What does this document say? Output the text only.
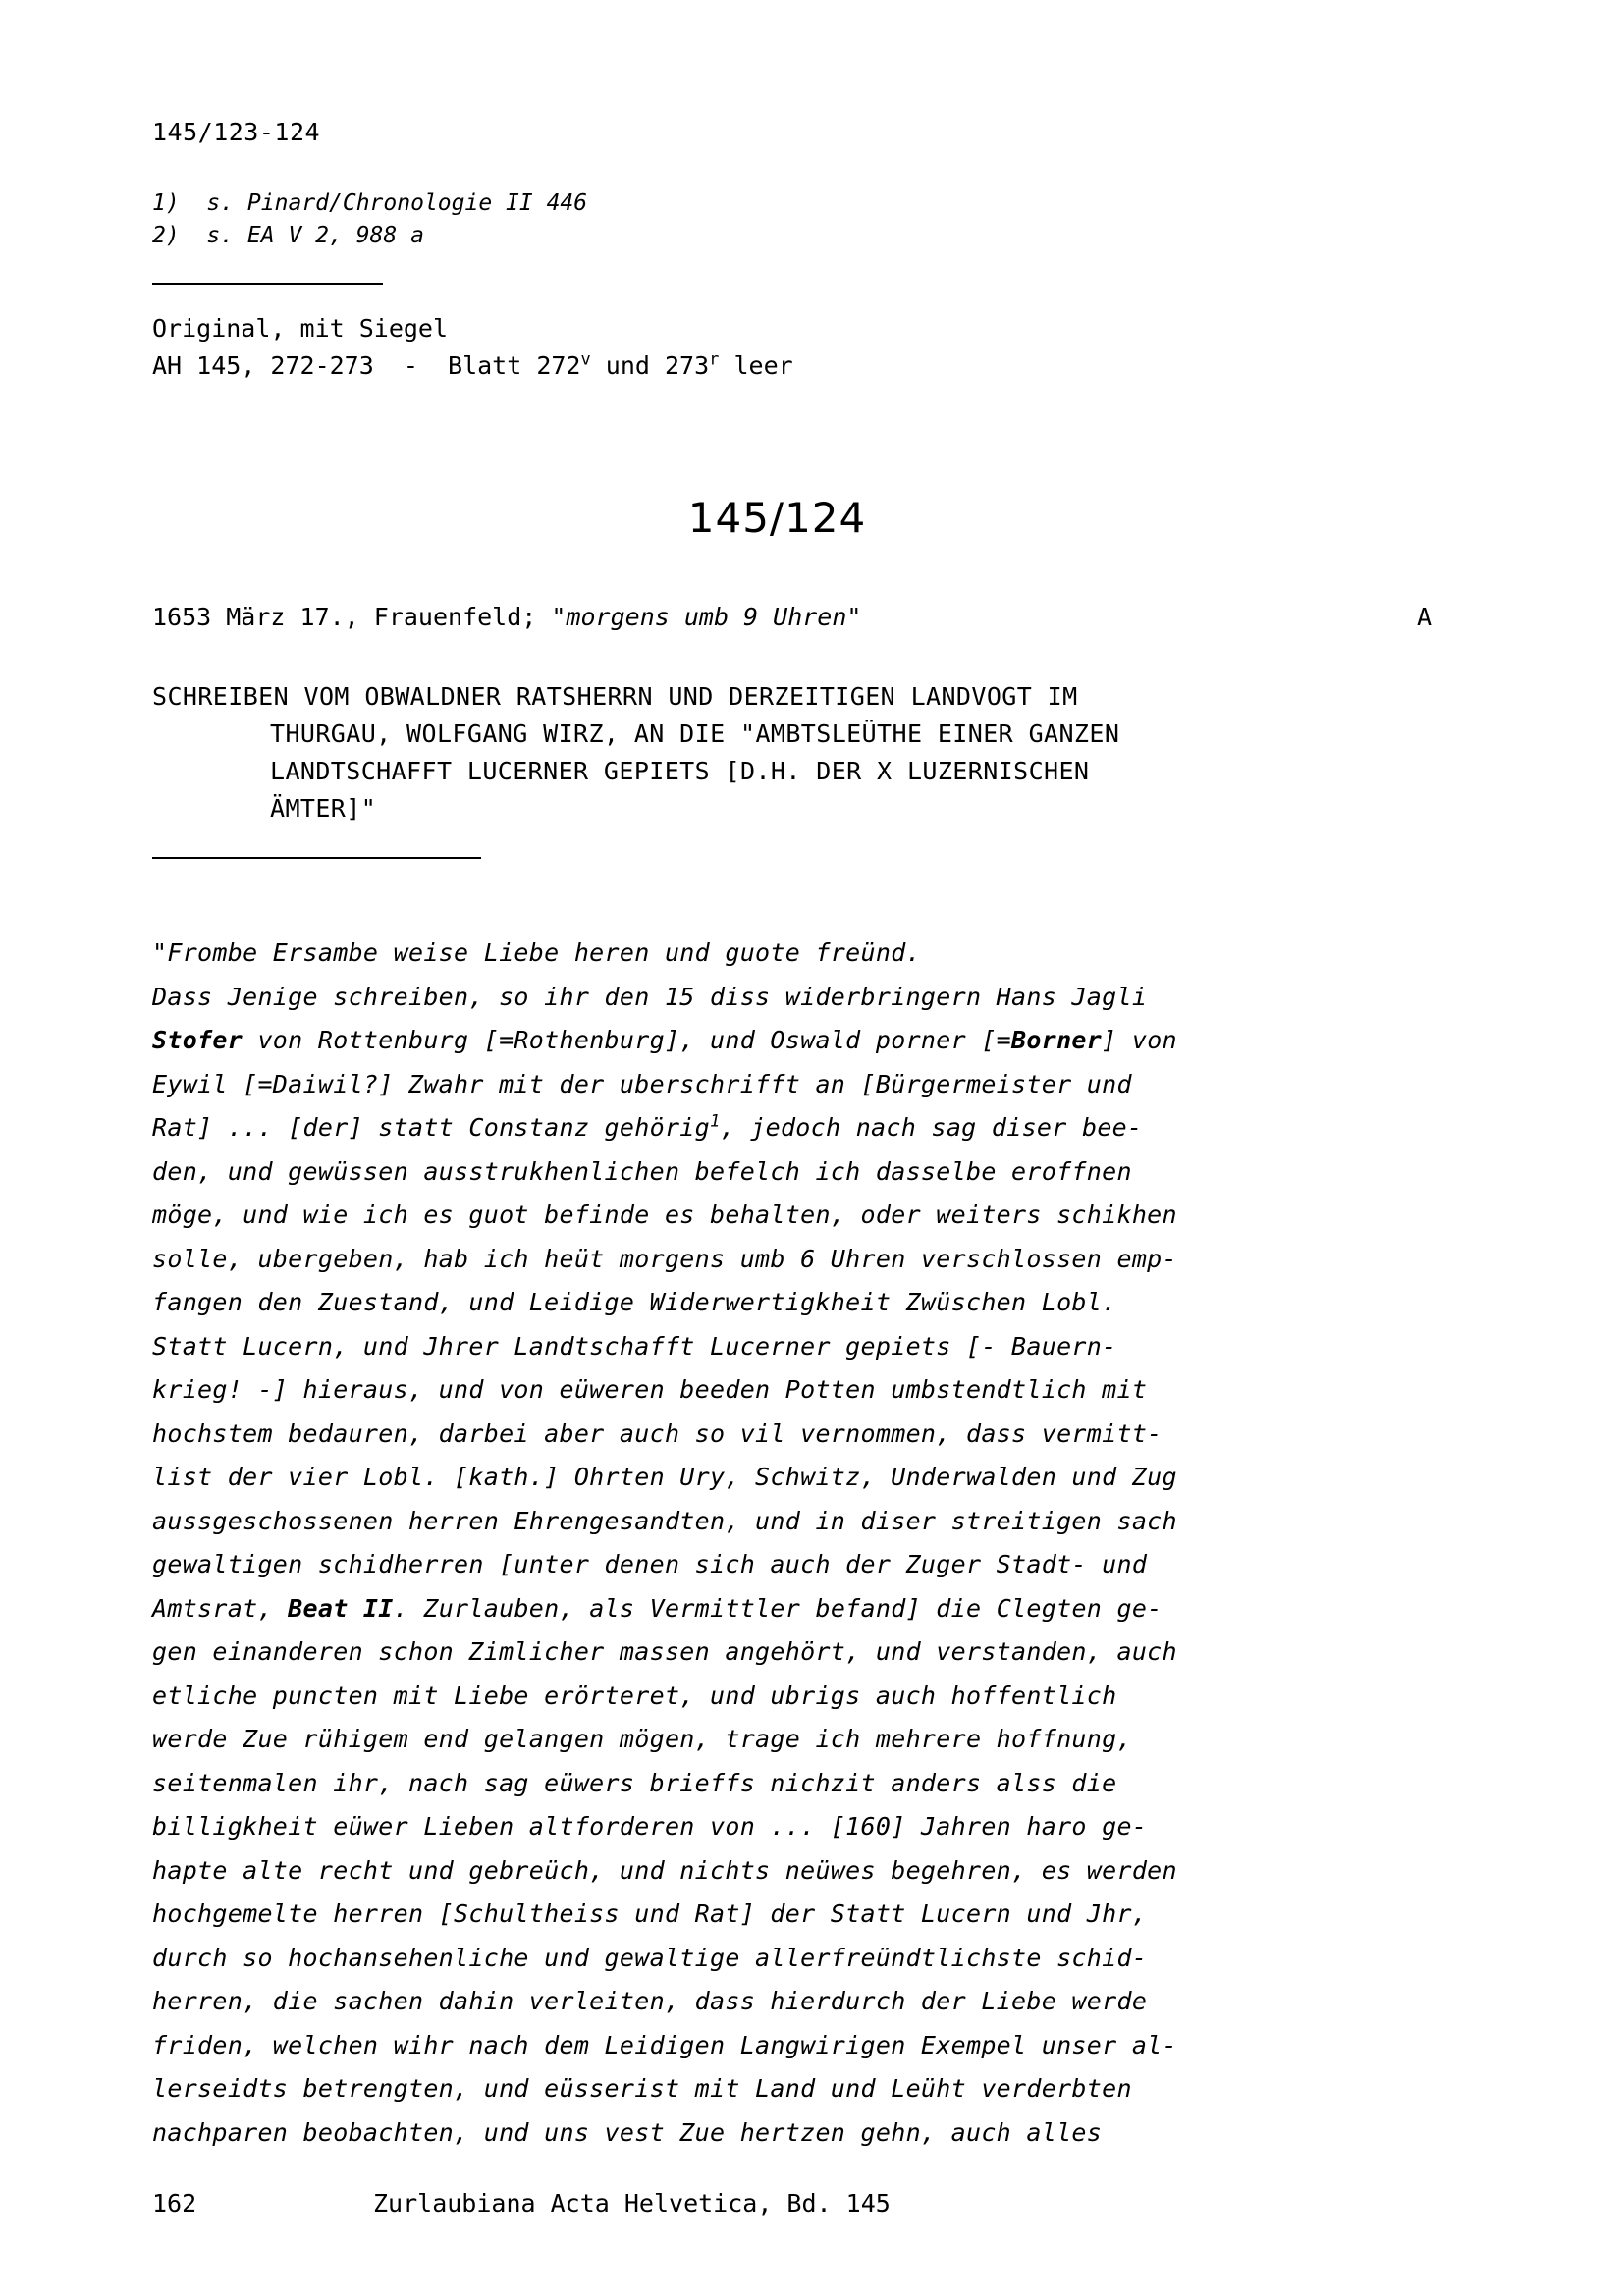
145/123-124
1)  s. Pinard/Chronologie II 446
2)  s. EA V 2, 988 a
Original, mit Siegel
AH 145, 272-273  -  Blatt 272$^v$ und 273$^r$ leer
145/124
1653 März 17., Frauenfeld; "morgens umb 9 Uhren"	A
SCHREIBEN VOM OBWALDNER RATSHERRN UND DERZEITIGEN LANDVOGT IM
THURGAU, WOLFGANG WIRZ, AN DIE "AMBTSLEÜTHE EINER GANZEN
LANDTSCHAFFT LUCERNER GEPIETS [D.H. DER X LUZERNISCHEN
ÄMTER]"

"Frombe Ersambe weise Liebe heren und guote freünd.

Dass Jenige schreiben, so ihr den 15 diss widerbringern Hans Jagli

Stofer von Rottenburg [=Rothenburg], und Oswald porner [=Borner] von

Eywil [=Daiwil?] Zwahr mit der uberschrifft an [Bürgermeister und

Rat] ... [der] statt Constanz gehörig$^1$, jedoch nach sag diser bee-

den, und gewüssen ausstrukhenlichen befelch ich dasselbe eroffnen

möge, und wie ich es guot befinde es behalten, oder weiters schikhen

solle, ubergeben, hab ich heüt morgens umb 6 Uhren verschlossen emp-

fangen den Zuestand, und Leidige Widerwertigkheit Zwüschen Lobl.

Statt Lucern, und Jhrer Landtschafft Lucerner gepiets [- Bauern-

krieg! -] hieraus, und von eüweren beeden Potten umbstendtlich mit

hochstem bedauren, darbei aber auch so vil vernommen, dass vermitt-

list der vier Lobl. [kath.] Ohrten Ury, Schwitz, Underwalden und Zug

aussgeschossenen herren Ehrengesandten, und in diser streitigen sach

gewaltigen schidherren [unter denen sich auch der Zuger Stadt- und

Amtsrat, Beat II. Zurlauben, als Vermittler befand] die Clegten ge-

gen einanderen schon Zimlicher massen angehört, und verstanden, auch

etliche puncten mit Liebe erörteret, und ubrigs auch hoffentlich

werde Zue rühigem end gelangen mögen, trage ich mehrere hoffnung,

seitenmalen ihr, nach sag eüwers brieffs nichzit anders alss die

billigkheit eüwer Lieben altforderen von ... [160] Jahren haro ge-

hapte alte recht und gebreüch, und nichts neüwes begehren, es werden

hochgemelte herren [Schultheiss und Rat] der Statt Lucern und Jhr,

durch so hochansehenliche und gewaltige allerfreündtlichste schid-

herren, die sachen dahin verleiten, dass hierdurch der Liebe werde

friden, welchen wihr nach dem Leidigen Langwirigen Exempel unser al-

lerseidts betrengten, und eüsserist mit Land und Leüht verderbten

nachparen beobachten, und uns vest Zue hertzen gehn, auch alles

162	Zurlaubiana Acta Helvetica, Bd. 145
